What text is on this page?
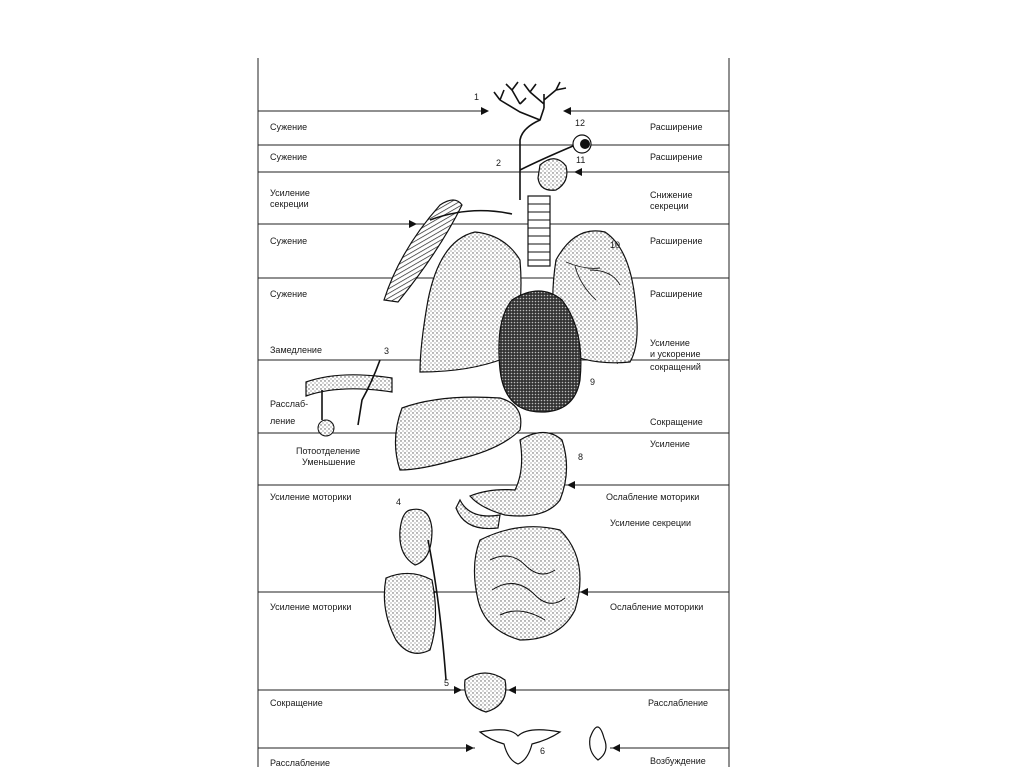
Сужение
Сужение
Усиление
секреции
Сужение
Сужение
Замедление
Расслаб-
ление
Потоотделение
Уменьшение
Усиление моторики
Усиление моторики
Сокращение
Расслабление
Расширение
Расширение
Снижение
секреции
Расширение
Расширение
Усиление
и ускорение
сокращений
Сокращение
Усиление
Ослабление моторики
Усиление секреции
Ослабление моторики
Расслабление
Возбуждение
1
2
3
4
5
6
8
9
10
11
12
